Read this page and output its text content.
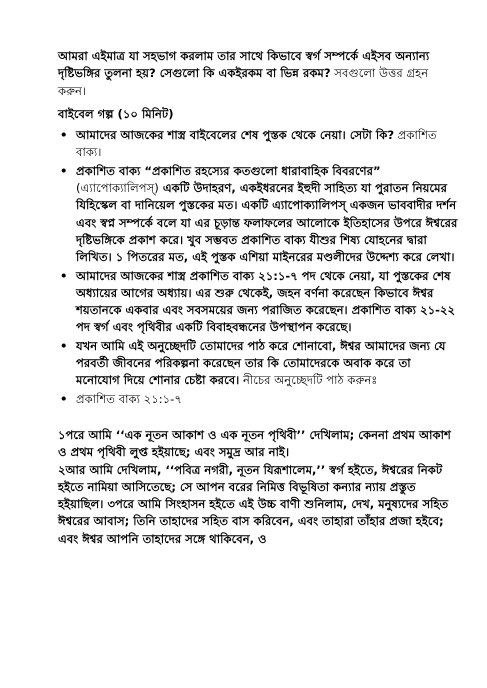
আমরা এইমাত্র যা সহভাগ করলাম তার সাথে কিভাবে স্বর্গ সম্পর্কে এইসব অন্যান্য দৃষ্টিভঙ্গির তুলনা হয়? সেগুলো কি একইরকম বা ভিন্ন রকম? সবগুলো উত্তর গ্রহন করুন।

বাইবেল গল্প (১০ মিনিট)
• আমাদের আজকের শাস্ত্র বাইবেলের শেষ পুস্তক থেকে নেয়া। সেটা কি? প্রকাশিত বাক্য।
• প্রকাশিত বাক্য “প্রকাশিত রহস্যের কতগুলো ধারাবাহিক বিবরণের” (এ্যাপোক্যালিপস্) একটি উদাহরণ, একইধরনের ইহুদী সাহিত্য যা পুরাতন নিয়মের যিহিস্কেল বা দানিয়েল পুস্তকের মত। একটি এ্যাপোক্যালিপস্ একজন ভাববাদীর দর্শন এবং স্বপ্ন সম্পর্কে বলে যা এর চূড়ান্ত ফলাফলের আলোকে ইতিহাসের উপরে ঈশ্বরের দৃষ্টিভঙ্গিকে প্রকাশ করে। খুব সম্ভবত প্রকাশিত বাক্য যীশুর শিষ্য যোহনের দ্বারা লিখিত। ১ পিতরের মত, এই পুস্তক এশিয়া মাইনরের মণ্ডলীদের উদ্দেশ্য করে লেখা।
• আমাদের আজকের শাস্ত্র প্রকাশিত বাক্য ২১:১-৭ পদ থেকে নেয়া, যা পুস্তকের শেষ অধ্যায়ের আগের অধ্যায়। এর শুরু থেকেই, জহন বর্ণনা করেছেন কিভাবে ঈশ্বর শয়তানকে একবার এবং সবসময়ের জন্য পরাজিত করেছেন। প্রকাশিত বাক্য ২১-২২ পদ স্বর্গ এবং পৃথিবীর একটি বিবাহবন্ধনের উপস্থাপন করেছে।
• যখন আমি এই অনুচ্ছেদটি তোমাদের পাঠ করে শোনাবো, ঈশ্বর আমাদের জন্য যে পরবর্তী জীবনের পরিকল্পনা করেছেন তার কি তোমাদেরকে অবাক করে তা মনোযোগ দিয়ে শোনার চেষ্টা করবে। নীচের অনুচ্ছেদটি পাঠ করুনঃ
• প্রকাশিত বাক্য ২১:১-৭

১পরে আমি ‘‘এক নূতন আকাশ ও এক নূতন পৃথিবী’’ দেখিলাম; কেননা প্রথম আকাশ ও প্রথম পৃথিবী লুপ্ত হইয়াছে; এবং সমুদ্র আর নাই।

২আর আমি দেখিলাম, ‘‘পবিত্র নগরী, নূতন যিরূশালেম,’’ স্বর্গ হইতে, ঈশ্বরের নিকট হইতে নামিয়া আসিতেছে; সে আপন বরের নিমিত্ত বিভূষিতা কন্যার ন্যায় প্রস্তুত হইয়াছিল। ৩পরে আমি সিংহাসন হইতে এই উচ্চ বাণী শুনিলাম, দেখ, মনুষ্যদের সহিত ঈশ্বরের আবাস; তিনি তাহাদের সহিত বাস করিবেন, এবং তাহারা তাঁহার প্রজা হইবে; এবং ঈশ্বর আপনি তাহাদের সঙ্গে থাকিবেন, ও
